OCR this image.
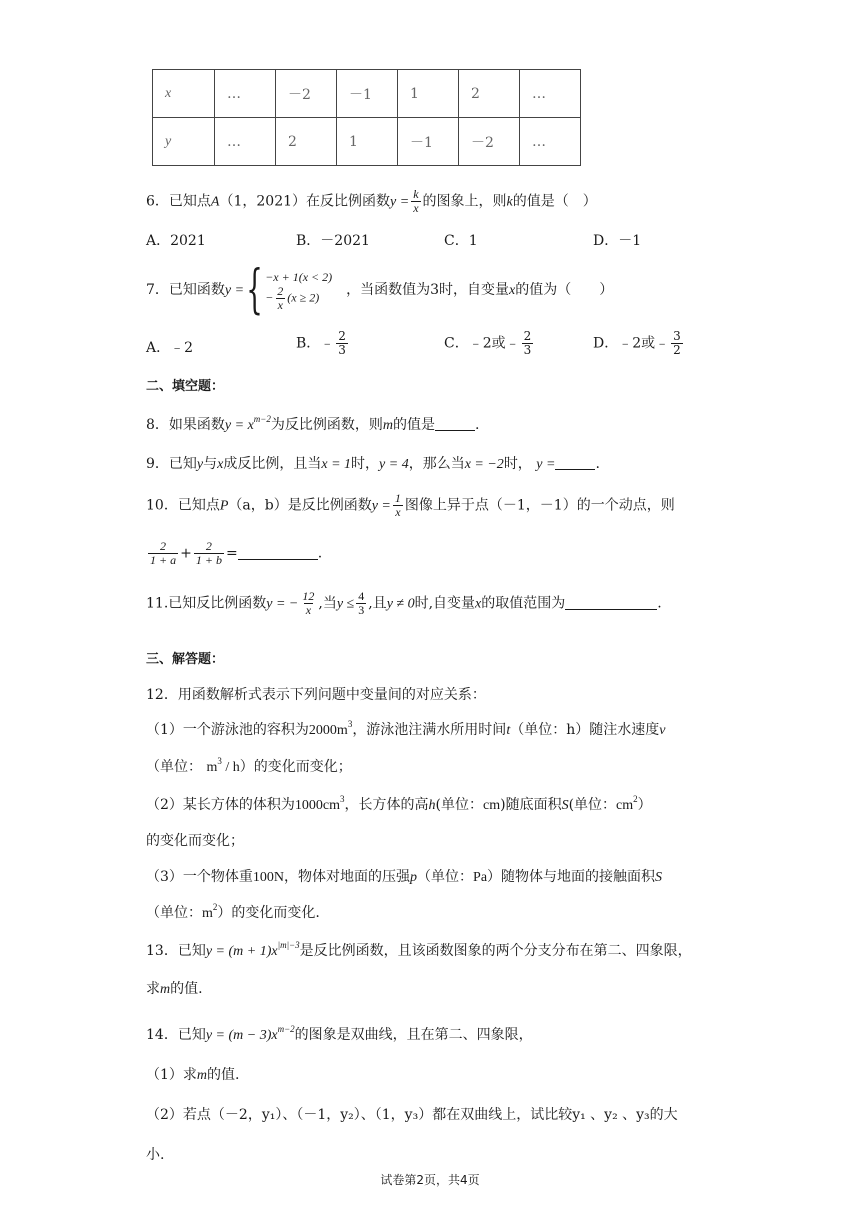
x	…	－2	－1	1	2	…
y	…	2	1	－1	－2	…
6．已知点A（1，2021）在反比例函数$y = \frac{k}{x}$ 的图象上，则k的值是（　）
A．2021	B．－2021	C．1	D．－1
7．已知函数y ={ −x + 1(x < 2)
− $\frac{2}{x} (x \ge 2)$
　	，当函数值为3时，自变量x的值为（　　）
A．﹣2	B．﹣ $\frac{2}{3}$	C．﹣2或﹣ $\frac{2}{3}$	D．﹣2或﹣ $\frac{3}{2}$
二、填空题：
8．如果函数$y = x^{m-2}$为反比例函数，则m的值是	.
9．已知y与x成反比例，且当x = 1时，y = 4，那么当x = −2时， y =	.
10．已知点P（a，b）是反比例函数$y = \frac{1}{x}$ 图像上异于点（－1，－1）的一个动点，则
$\frac{2}{1 + a} + \frac{2}{1 + b}$ =	.
11.已知反比例函数y = − $\frac{12}{x}$ ,当$y \le \frac{4}{3}$ ,且y ≠ 0时,自变量x的取值范围为	.
三、解答题：
12．用函数解析式表示下列问题中变量间的对应关系：
（1）一个游泳池的容积为$2000m^3$，游泳池注满水所用时间t（单位：h）随注水速度v
（单位： $m^3 / h$）的变化而变化；
（2）某长方体的体积为$1000cm^3$，长方体的高h(单位：cm)随底面积S(单位：$cm^2$）
的变化而变化；
（3）一个物体重100N，物体对地面的压强p（单位：Pa）随物体与地面的接触面积S
（单位：$m^2$）的变化而变化.
13．已知$y = (m + 1)x^{|m|-3}$是反比例函数，且该函数图象的两个分支分布在第二、四象限，
求m的值.
14．已知$y = (m - 3)x^{m-2}$的图象是双曲线，且在第二、四象限，
（1）求m的值.
（2）若点（－2，y₁）、（－1，y₂）、（1，y₃）都在双曲线上，试比较y₁ 、y₂ 、y₃的大
小.
试卷第2页，共4页
